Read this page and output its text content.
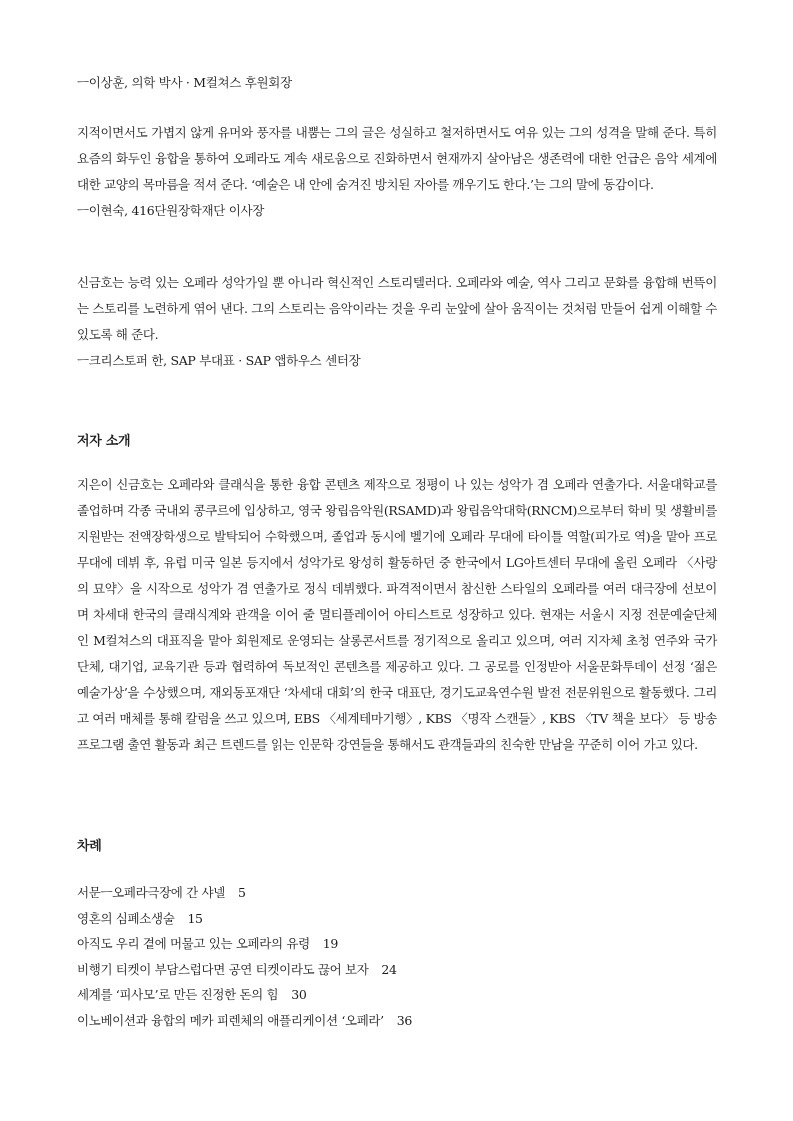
ㅡ이상훈, 의학 박사 · M컬쳐스 후원회장

지적이면서도 가볍지 않게 유머와 풍자를 내뿜는 그의 글은 성실하고 철저하면서도 여유 있는 그의 성격을 말해 준다. 특히 요즘의 화두인 융합을 통하여 오페라도 계속 새로움으로 진화하면서 현재까지 살아남은 생존력에 대한 언급은 음악 세계에 대한 교양의 목마름을 적셔 준다. ‘예술은 내 안에 숨겨진 방치된 자아를 깨우기도 한다.’는 그의 말에 동감이다.

ㅡ이현숙, 416단원장학재단 이사장

신금호는 능력 있는 오페라 성악가일 뿐 아니라 혁신적인 스토리텔러다. 오페라와 예술, 역사 그리고 문화를 융합해 번뜩이는 스토리를 노련하게 엮어 낸다. 그의 스토리는 음악이라는 것을 우리 눈앞에 살아 움직이는 것처럼 만들어 쉽게 이해할 수 있도록 해 준다.

ㅡ크리스토퍼 한, SAP 부대표 · SAP 앱하우스 센터장

저자 소개

지은이 신금호는 오페라와 클래식을 통한 융합 콘텐츠 제작으로 정평이 나 있는 성악가 겸 오페라 연출가다. 서울대학교를 졸업하며 각종 국내외 콩쿠르에 입상하고, 영국 왕립음악원(RSAMD)과 왕립음악대학(RNCM)으로부터 학비 및 생활비를 지원받는 전액장학생으로 발탁되어 수학했으며, 졸업과 동시에 벨기에 오페라 무대에 타이틀 역할(피가로 역)을 맡아 프로 무대에 데뷔 후, 유럽 미국 일본 등지에서 성악가로 왕성히 활동하던 중 한국에서 LG아트센터 무대에 올린 오페라 〈사랑의 묘약〉을 시작으로 성악가 겸 연출가로 정식 데뷔했다. 파격적이면서 참신한 스타일의 오페라를 여러 대극장에 선보이며 차세대 한국의 클래식계와 관객을 이어 줄 멀티플레이어 아티스트로 성장하고 있다. 현재는 서울시 지정 전문예술단체인 M컬쳐스의 대표직을 맡아 회원제로 운영되는 살롱콘서트를 정기적으로 올리고 있으며, 여러 지자체 초청 연주와 국가단체, 대기업, 교육기관 등과 협력하여 독보적인 콘텐츠를 제공하고 있다. 그 공로를 인정받아 서울문화투데이 선정 ‘젊은 예술가상’을 수상했으며, 재외동포재단 ‘차세대 대회’의 한국 대표단, 경기도교육연수원 발전 전문위원으로 활동했다. 그리고 여러 매체를 통해 칼럼을 쓰고 있으며, EBS 〈세계테마기행〉, KBS 〈명작 스캔들〉, KBS 〈TV 책을 보다〉 등 방송 프로그램 출연 활동과 최근 트렌드를 읽는 인문학 강연들을 통해서도 관객들과의 친숙한 만남을 꾸준히 이어 가고 있다.

차례
서문ㅡ오페라극장에 간 샤넬 5
영혼의 심폐소생술 15
아직도 우리 곁에 머물고 있는 오페라의 유령 19
비행기 티켓이 부담스럽다면 공연 티켓이라도 끊어 보자 24
세계를 ‘피사모’로 만든 진정한 돈의 힘 30
이노베이션과 융합의 메카 피렌체의 애플리케이션 ‘오페라’ 36
